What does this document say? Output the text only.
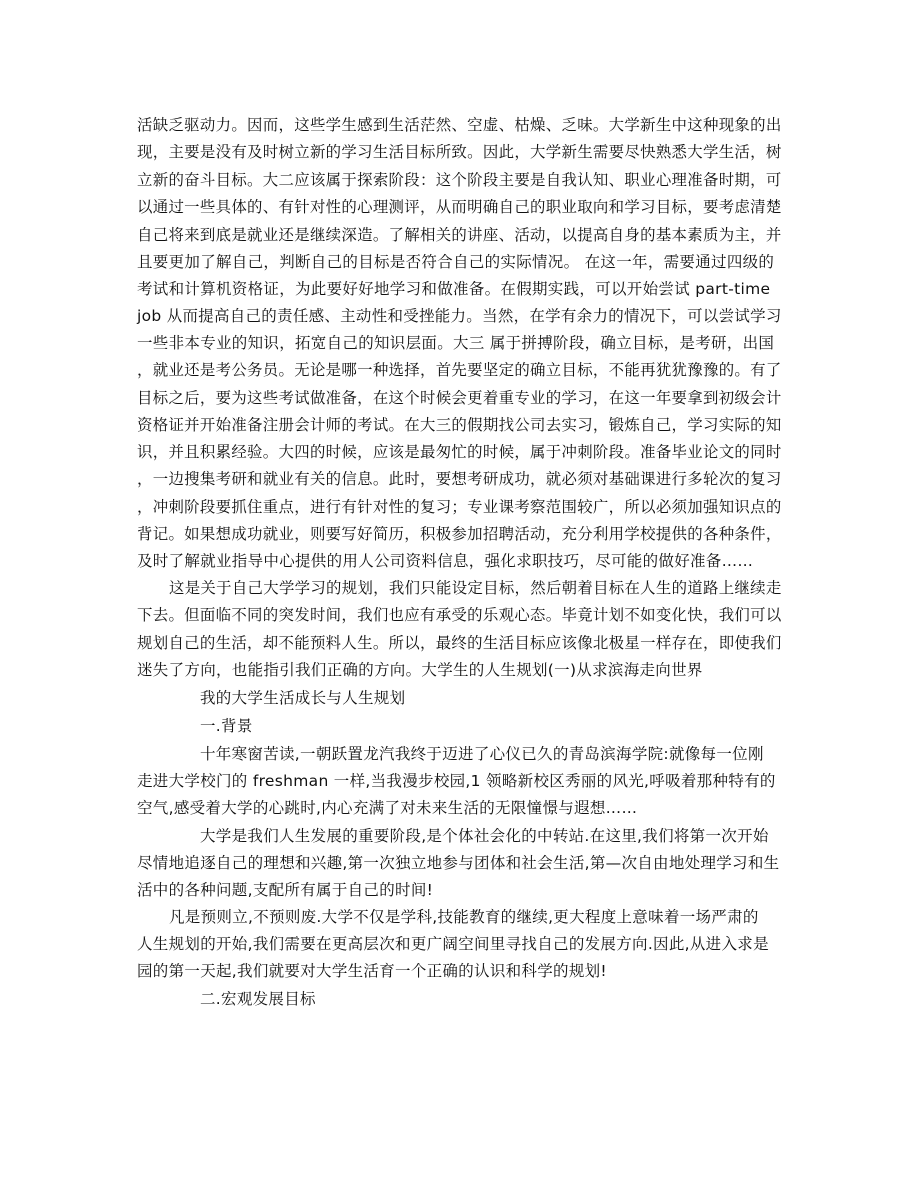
活缺乏驱动力。因而，这些学生感到生活茫然、空虚、枯燥、乏味。大学新生中这种现象的出
现，主要是没有及时树立新的学习生活目标所致。因此，大学新生需要尽快熟悉大学生活，树
立新的奋斗目标。大二应该属于探索阶段：这个阶段主要是自我认知、职业心理准备时期，可
以通过一些具体的、有针对性的心理测评，从而明确自己的职业取向和学习目标，要考虑清楚
自己将来到底是就业还是继续深造。了解相关的讲座、活动，以提高自身的基本素质为主，并
且要更加了解自己，判断自己的目标是否符合自己的实际情况。 在这一年，需要通过四级的
考试和计算机资格证，为此要好好地学习和做准备。在假期实践，可以开始尝试 part-time
job 从而提高自己的责任感、主动性和受挫能力。当然，在学有余力的情况下，可以尝试学习
一些非本专业的知识，拓宽自己的知识层面。大三 属于拼搏阶段，确立目标，是考研，出国
，就业还是考公务员。无论是哪一种选择，首先要坚定的确立目标，不能再犹犹豫豫的。有了
目标之后，要为这些考试做准备，在这个时候会更着重专业的学习，在这一年要拿到初级会计
资格证并开始准备注册会计师的考试。在大三的假期找公司去实习，锻炼自己，学习实际的知
识，并且积累经验。大四的时候，应该是最匆忙的时候，属于冲刺阶段。准备毕业论文的同时
，一边搜集考研和就业有关的信息。此时，要想考研成功，就必须对基础课进行多轮次的复习
，冲刺阶段要抓住重点，进行有针对性的复习；专业课考察范围较广，所以必须加强知识点的
背记。如果想成功就业，则要写好简历，积极参加招聘活动，充分利用学校提供的各种条件，
及时了解就业指导中心提供的用人公司资料信息，强化求职技巧，尽可能的做好准备……
这是关于自己大学学习的规划，我们只能设定目标，然后朝着目标在人生的道路上继续走
下去。但面临不同的突发时间，我们也应有承受的乐观心态。毕竟计划不如变化快，我们可以
规划自己的生活，却不能预料人生。所以，最终的生活目标应该像北极星一样存在，即使我们
迷失了方向，也能指引我们正确的方向。大学生的人生规划(一)从求滨海走向世界
我的大学生活成长与人生规划
一.背景
十年寒窗苦读,一朝跃置龙汽我终于迈进了心仪已久的青岛滨海学院:就像每一位刚
走进大学校门的 freshman 一样,当我漫步校园,1 领略新校区秀丽的风光,呼吸着那种特有的
空气,感受着大学的心跳时,内心充满了对未来生活的无限憧憬与遐想……
大学是我们人生发展的重要阶段,是个体社会化的中转站.在这里,我们将第一次开始
尽情地追逐自己的理想和兴趣,第一次独立地参与团体和社会生活,第—次自由地处理学习和生
活中的各种问题,支配所有属于自己的时间!
凡是预则立,不预则废.大学不仅是学科,技能教育的继续,更大程度上意味着一场严肃的
人生规划的开始,我们需要在更高层次和更广阔空间里寻找自己的发展方向.因此,从进入求是
园的第一天起,我们就要对大学生活育一个正确的认识和科学的规划!
二.宏观发展目标
